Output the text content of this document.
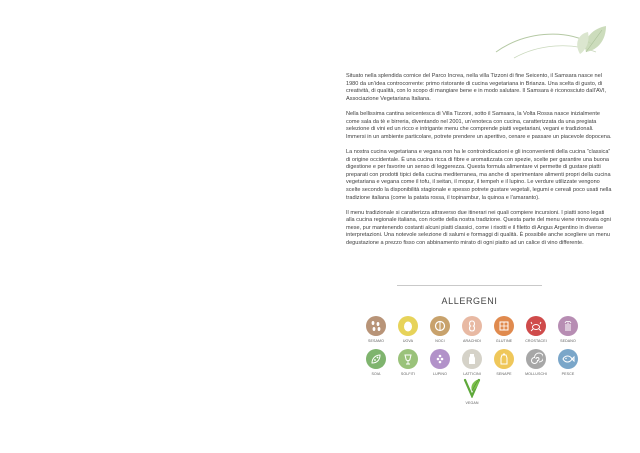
Situato nella splendida cornice del Parco Increa, nella villa Tizzoni di fine Seicento, il Samsara nasce nel 1980 da un’idea controcorrente: primo ristorante di cucina vegetariana in Brianza. Una scelta di gusto, di creatività, di qualità, con lo scopo di mangiare bene e in modo salutare. Il Samsara è riconosciuto dall’AVI, Associazione Vegetariana Italiana.

Nella bellissima cantina seicentesca di Villa Tizzoni, sotto il Samsara, la Volta Rossa nasce inizialmente come sala da tè e birreria, diventando nel 2001, un’enoteca con cucina, caratterizzata da una pregiata selezione di vini ed un ricco e intrigante menu che comprende piatti vegetariani, vegani e tradizionali. Immersi in un ambiente particolare, potrete prendere un aperitivo, cenare e passare un piacevole dopocena.

La nostra cucina vegetariana e vegana non ha le controindicazioni e gli inconvenienti della cucina “classica” di origine occidentale. È una cucina ricca di fibre e aromatizzata con spezie, scelte per garantire una buona digestione e per favorire un senso di leggerezza. Questa formula alimentare vi permette di gustare piatti preparati con prodotti tipici della cucina mediterranea, ma anche di sperimentare alimenti propri della cucina vegetariana e vegana come il tofu, il seitan, il mopur, il tempeh e il lupino. Le verdure utilizzate vengono scelte secondo la disponibilità stagionale e spesso potrete gustare vegetali, legumi e cereali poco usati nella tradizione italiana (come la patata rossa, il topinambur, la quinoa e l’amaranto).

Il menu tradizionale si caratterizza attraverso due itinerari nei quali compiere incursioni. I piatti sono legati alla cucina regionale italiana, con ricette della nostra tradizione. Questa parte del menu viene rinnovata ogni mese, pur mantenendo costanti alcuni piatti classici, come i risotti e il filetto di Angus Argentino in diverse interpretazioni. Una notevole selezione di salumi e formaggi di qualità. È possibile anche scegliere un menu degustazione a prezzo fisso con abbinamento mirato di ogni piatto ad un calice di vino differente.

ALLERGENI
SESAMO	UOVA	NOCI	ARACHIDI	GLUTINE	CROSTACEI	SEDANO
SOIA	SOLFITI	LUPINO	LATTICINI	SENAPE	MOLLUSCHI	PESCE
VEGAN
